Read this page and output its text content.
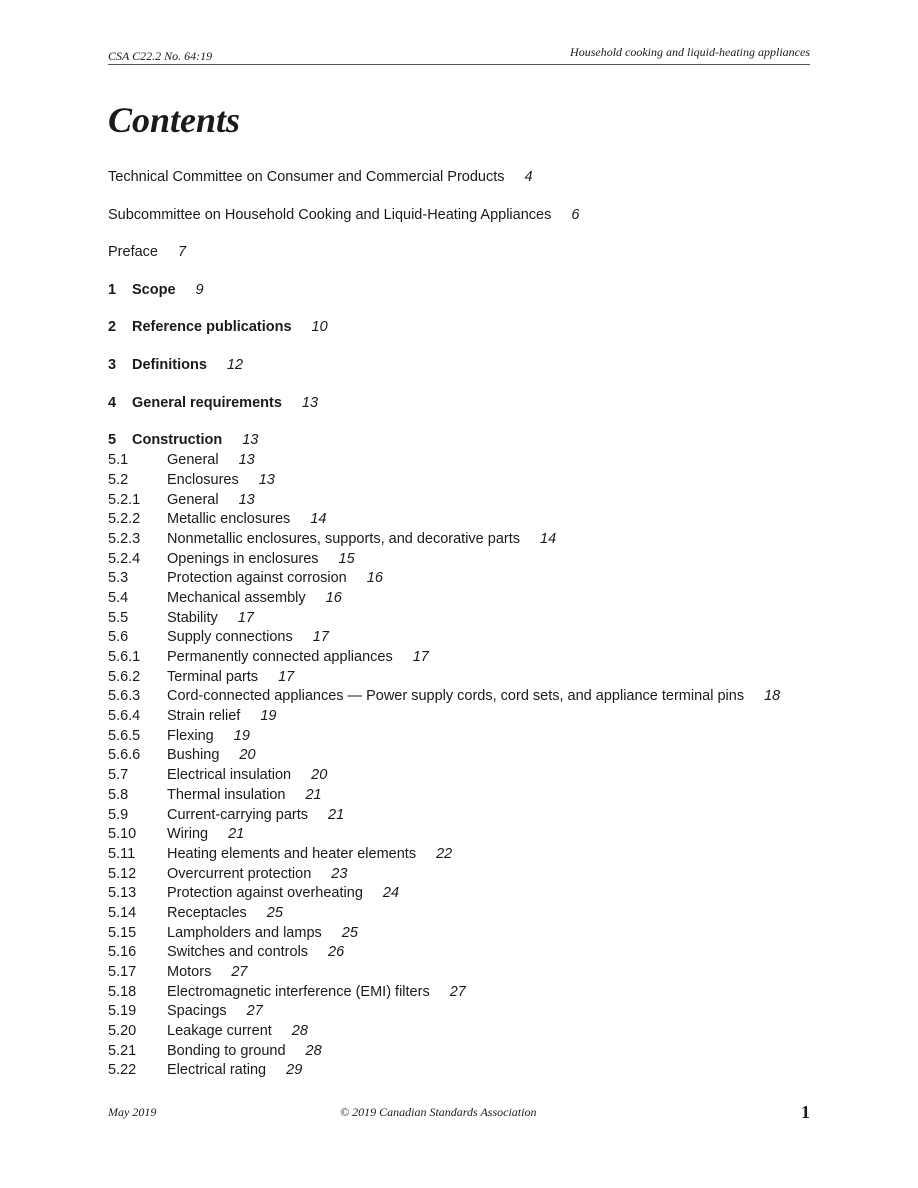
CSA C22.2 No. 64:19	Household cooking and liquid-heating appliances
Contents
Technical Committee on Consumer and Commercial Products 4
Subcommittee on Household Cooking and Liquid-Heating Appliances 6
Preface 7
1 Scope 9
2 Reference publications 10
3 Definitions 12
4 General requirements 13
5 Construction 13
5.1	General 13
5.2	Enclosures 13
5.2.1 General 13
5.2.2 Metallic enclosures 14
5.2.3 Nonmetallic enclosures, supports, and decorative parts 14
5.2.4 Openings in enclosures 15
5.3	Protection against corrosion 16
5.4	Mechanical assembly 16
5.5	Stability 17
5.6	Supply connections 17
5.6.1 Permanently connected appliances 17
5.6.2 Terminal parts 17
5.6.3 Cord-connected appliances — Power supply cords, cord sets, and appliance terminal pins 18
5.6.4 Strain relief 19
5.6.5 Flexing 19
5.6.6 Bushing 20
5.7	Electrical insulation 20
5.8	Thermal insulation 21
5.9	Current-carrying parts 21
5.10 Wiring 21
5.11 Heating elements and heater elements 22
5.12 Overcurrent protection 23
5.13 Protection against overheating 24
5.14 Receptacles 25
5.15 Lampholders and lamps 25
5.16 Switches and controls 26
5.17 Motors 27
5.18 Electromagnetic interference (EMI) filters 27
5.19 Spacings 27
5.20 Leakage current 28
5.21 Bonding to ground 28
5.22 Electrical rating 29
May 2019	© 2019 Canadian Standards Association	1
